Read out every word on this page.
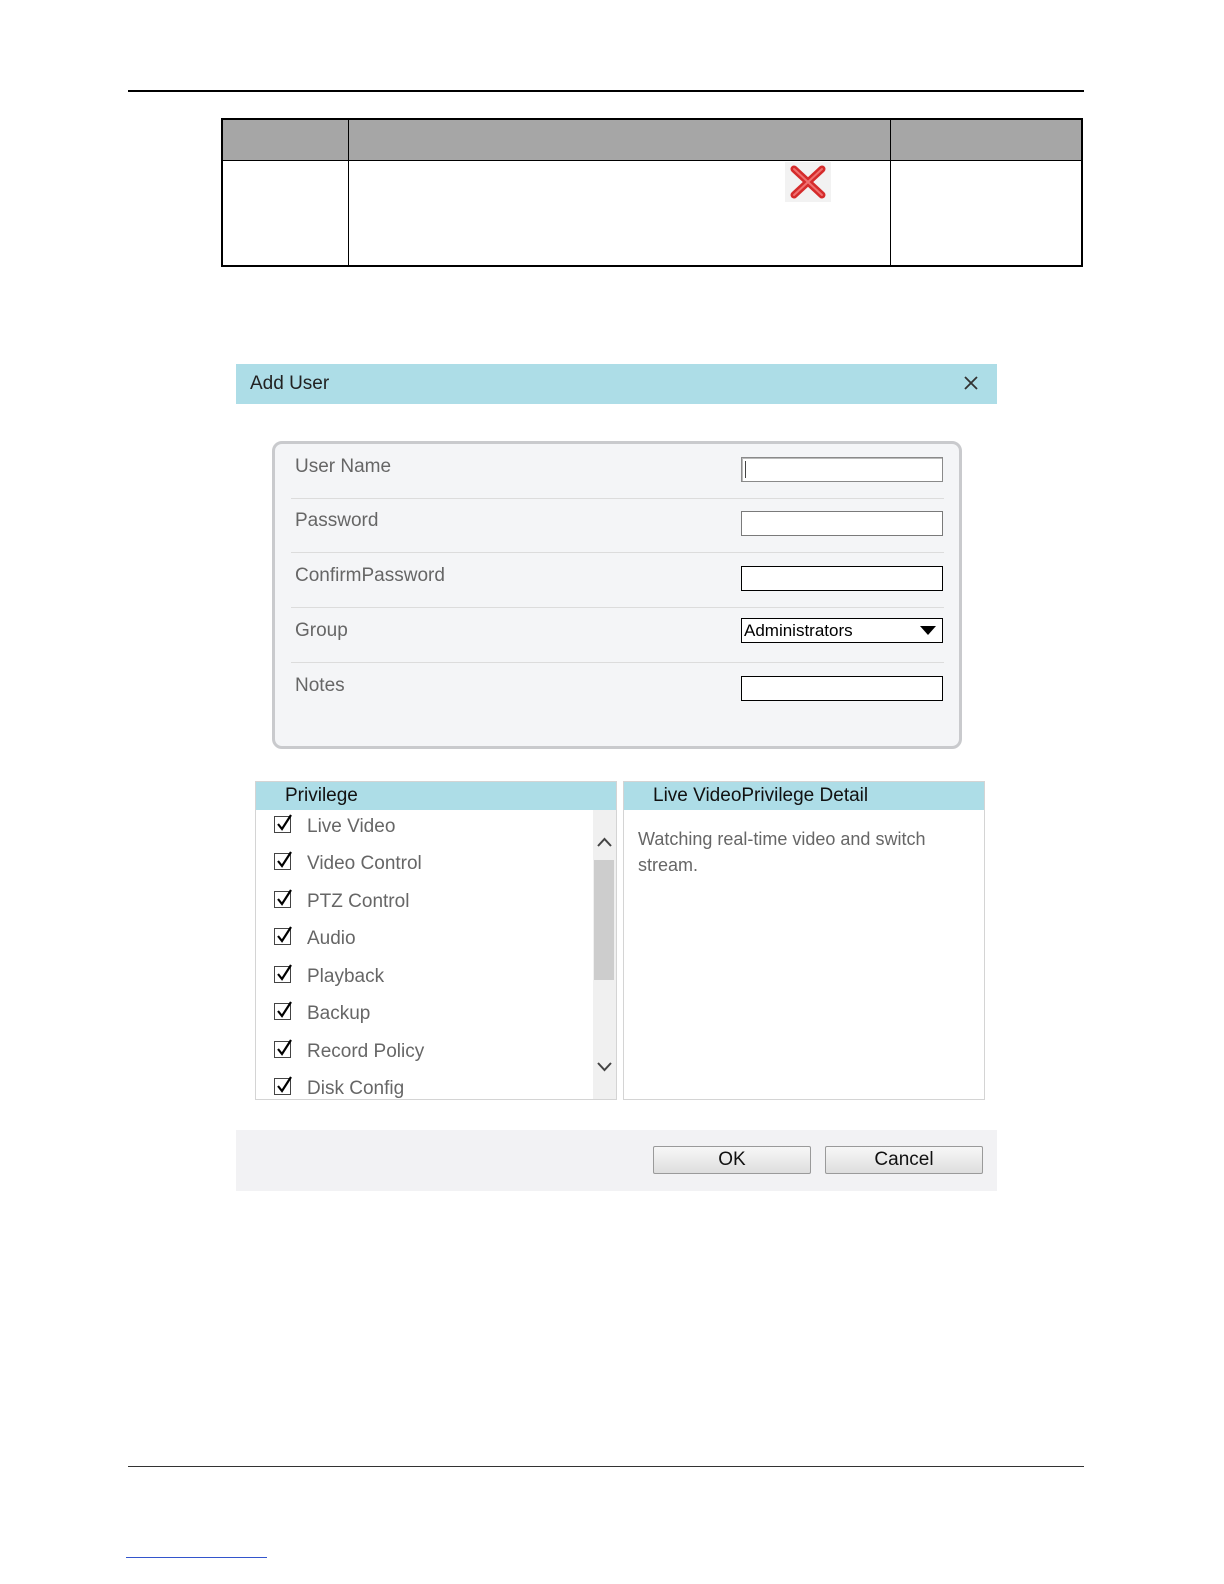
Add User
User Name
Password
ConfirmPassword
Group	Administrators
Notes
Privilege
Live Video
Video Control
PTZ Control
Audio
Playback
Backup
Record Policy
Disk Config
Live VideoPrivilege Detail
Watching real-time video and switch stream.
OK	Cancel
